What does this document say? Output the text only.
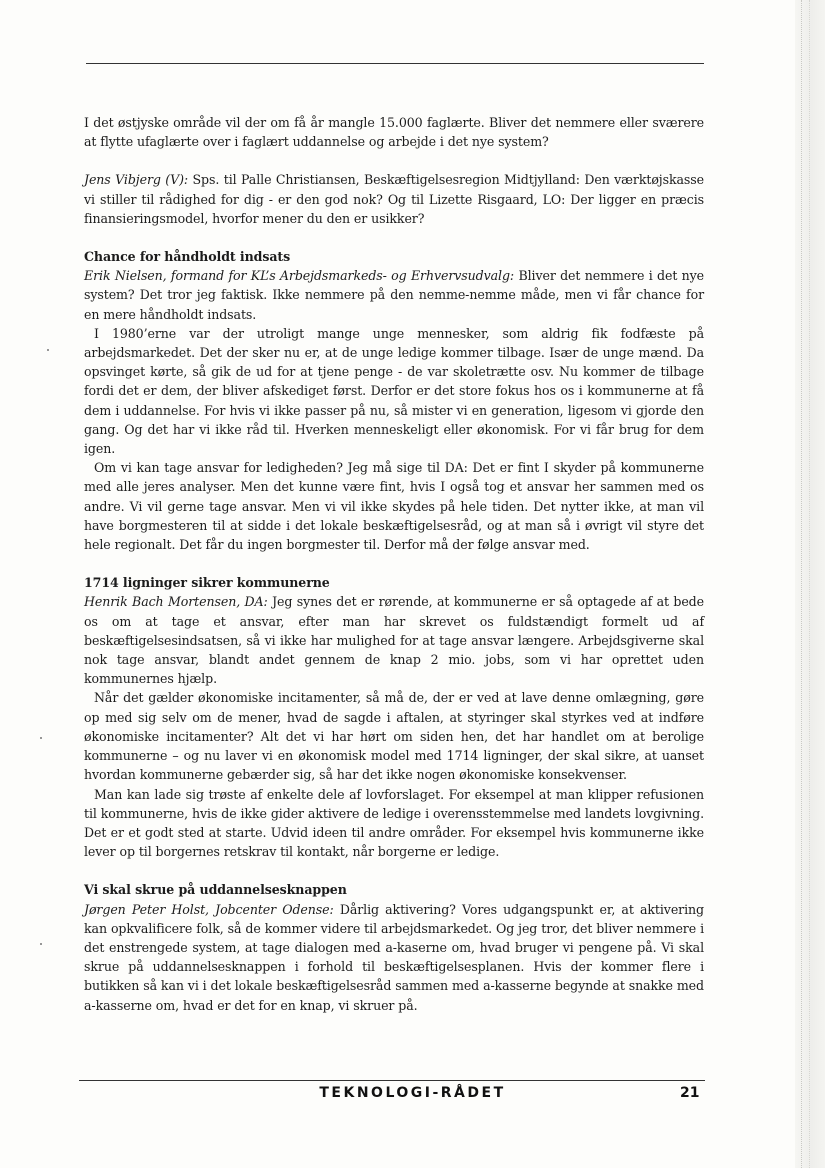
I det østjyske område vil der om få år mangle 15.000 faglærte. Bliver det nemmere eller sværere at flytte ufaglærte over i faglært uddannelse og arbejde i det nye system?

Jens Vibjerg (V): Sps. til Palle Christiansen, Beskæftigelsesregion Midtjylland: Den værktøjskasse vi stiller til rådighed for dig - er den god nok? Og til Lizette Risgaard, LO: Der ligger en præcis finansieringsmodel, hvorfor mener du den er usikker?

Chance for håndholdt indsats

Erik Nielsen, formand for KL’s Arbejdsmarkeds- og Erhvervsudvalg: Bliver det nemmere i det nye system? Det tror jeg faktisk. Ikke nemmere på den nemme-nemme måde, men vi får chance for en mere håndholdt indsats.

I 1980’erne var der utroligt mange unge mennesker, som aldrig fik fodfæste på arbejdsmarkedet. Det der sker nu er, at de unge ledige kommer tilbage. Især de unge mænd. Da opsvinget kørte, så gik de ud for at tjene penge - de var skoletrætte osv. Nu kommer de tilbage fordi det er dem, der bliver afskediget først. Derfor er det store fokus hos os i kommunerne at få dem i uddannelse. For hvis vi ikke passer på nu, så mister vi en generation, ligesom vi gjorde den gang. Og det har vi ikke råd til. Hverken menneskeligt eller økonomisk. For vi får brug for dem igen.

Om vi kan tage ansvar for ledigheden? Jeg må sige til DA: Det er fint I skyder på kommunerne med alle jeres analyser. Men det kunne være fint, hvis I også tog et ansvar her sammen med os andre. Vi vil gerne tage ansvar. Men vi vil ikke skydes på hele tiden. Det nytter ikke, at man vil have borgmesteren til at sidde i det lokale beskæftigelsesråd, og at man så i øvrigt vil styre det hele regionalt. Det får du ingen borgmester til. Derfor må der følge ansvar med.

1714 ligninger sikrer kommunerne

Henrik Bach Mortensen, DA: Jeg synes det er rørende, at kommunerne er så optagede af at bede os om at tage et ansvar, efter man har skrevet os fuldstændigt formelt ud af beskæftigelsesindsatsen, så vi ikke har mulighed for at tage ansvar længere. Arbejdsgiverne skal nok tage ansvar, blandt andet gennem de knap 2 mio. jobs, som vi har oprettet uden kommunernes hjælp.

Når det gælder økonomiske incitamenter, så må de, der er ved at lave denne omlægning, gøre op med sig selv om de mener, hvad de sagde i aftalen, at styringer skal styrkes ved at indføre økonomiske incitamenter? Alt det vi har hørt om siden hen, det har handlet om at berolige kommunerne – og nu laver vi en økonomisk model med 1714 ligninger, der skal sikre, at uanset hvordan kommunerne gebærder sig, så har det ikke nogen økonomiske konsekvenser.

Man kan lade sig trøste af enkelte dele af lovforslaget. For eksempel at man klipper refusionen til kommunerne, hvis de ikke gider aktivere de ledige i overensstemmelse med landets lovgivning. Det er et godt sted at starte. Udvid ideen til andre områder. For eksempel hvis kommunerne ikke lever op til borgernes retskrav til kontakt, når borgerne er ledige.

Vi skal skrue på uddannelsesknappen

Jørgen Peter Holst, Jobcenter Odense: Dårlig aktivering? Vores udgangspunkt er, at aktivering kan opkvalificere folk, så de kommer videre til arbejdsmarkedet. Og jeg tror, det bliver nemmere i det enstrengede system, at tage dialogen med a-kaserne om, hvad bruger vi pengene på. Vi skal skrue på uddannelsesknappen i forhold til beskæftigelsesplanen. Hvis der kommer flere i butikken så kan vi i det lokale beskæftigelsesråd sammen med a-kasserne begynde at snakke med a-kasserne om, hvad er det for en knap, vi skruer på.

TEKNOLOGI-RÅDET	21
